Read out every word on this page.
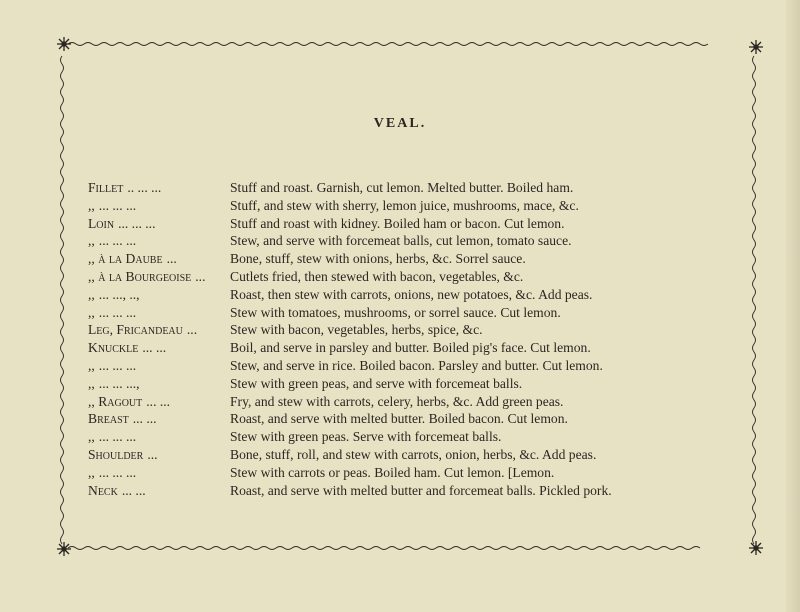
VEAL.
Fillet .. ... ...	Stuff and roast. Garnish, cut lemon. Melted butter. Boiled ham.
,, ... ... ...	Stuff, and stew with sherry, lemon juice, mushrooms, mace, &c.
Loin ... ... ...	Stuff and roast with kidney. Boiled ham or bacon. Cut lemon.
,, ... ... ...	Stew, and serve with forcemeat balls, cut lemon, tomato sauce.
,, à la Daube ...	Bone, stuff, stew with onions, herbs, &c. Sorrel sauce.
,, à la Bourgeoise ...	Cutlets fried, then stewed with bacon, vegetables, &c.
,, ... ..., ..,	Roast, then stew with carrots, onions, new potatoes, &c. Add peas.
,, ... ... ...	Stew with tomatoes, mushrooms, or sorrel sauce. Cut lemon.
Leg, Fricandeau ...	Stew with bacon, vegetables, herbs, spice, &c.
Knuckle ... ...	Boil, and serve in parsley and butter. Boiled pig's face. Cut lemon.
,, ... ... ...	Stew, and serve in rice. Boiled bacon. Parsley and butter. Cut lemon.
,, ... ... ...,	Stew with green peas, and serve with forcemeat balls.
,, Ragout ... ...	Fry, and stew with carrots, celery, herbs, &c. Add green peas.
Breast ... ...	Roast, and serve with melted butter. Boiled bacon. Cut lemon.
,, ... ... ...	Stew with green peas. Serve with forcemeat balls.
Shoulder ...	Bone, stuff, roll, and stew with carrots, onion, herbs, &c. Add peas.
,, ... ... ...	Stew with carrots or peas. Boiled ham. Cut lemon. [Lemon.
Neck ... ...	Roast, and serve with melted butter and forcemeat balls. Pickled pork.
